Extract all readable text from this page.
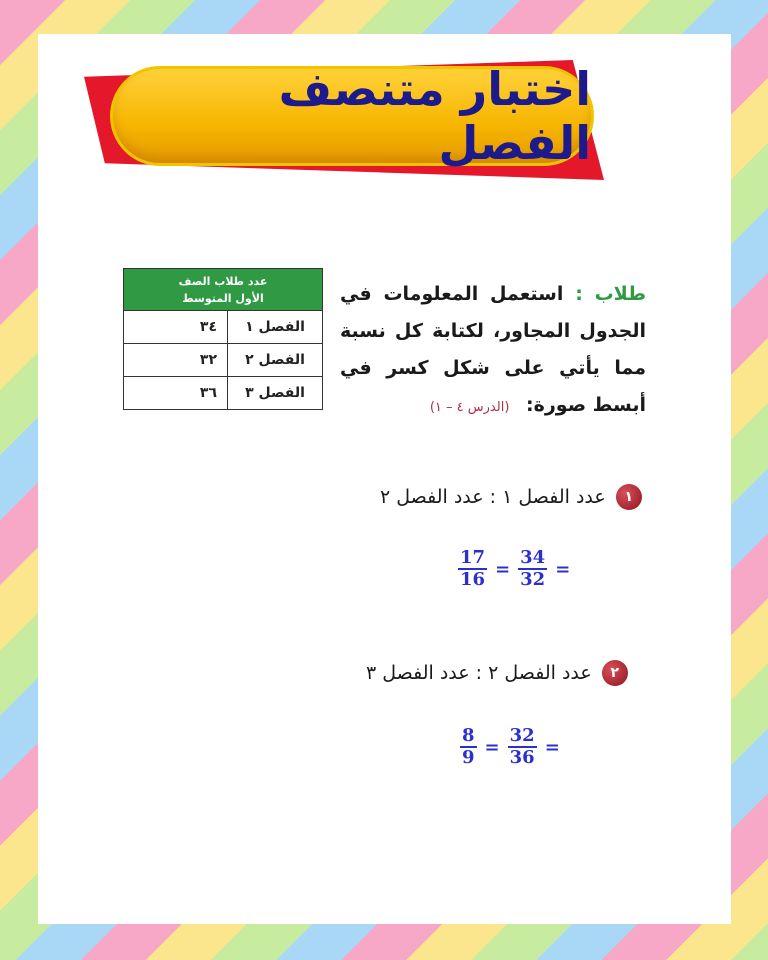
اختبار متنصف الفصل
عدد طلاب الصف
الأول المتوسط
الفصل ١
٣٤
الفصل ٢
٣٢
الفصل ٣
٣٦
طلاب : استعمل المعلومات في الجدول المجاور، لكتابة كل نسبة مما يأتي على شكل كسر في أبسط صورة: (الدرس ٤ – ١)
١
عدد الفصل ١ : عدد الفصل ٢
$\frac{17}{16} = \frac{34}{32}$ =
٢
عدد الفصل ٢ : عدد الفصل ٣
$\frac{8}{9} = \frac{32}{36}$ =
